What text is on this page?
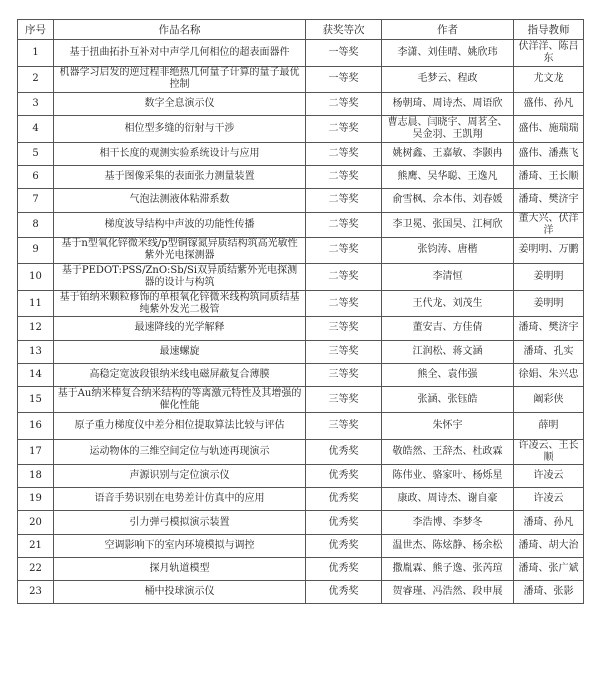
序号	作品名称	获奖等次	作者	指导教师
1	基于扭曲拓扑互补对中声学几何相位的超表面器件	一等奖	李潇、刘佳晴、姚欣玮	伏洋洋、陈吕东
2	机器学习启发的逆过程非绝热几何量子计算的量子最优控制	一等奖	毛梦云、程政	尤文龙
3	数字全息演示仪	二等奖	杨朝琦、周诗杰、周语欣	盛伟、孙凡
4	相位型多缝的衍射与干涉	二等奖	曹志晨、闫晓宇、周茗全、吴金羽、王凯翔	盛伟、施瑞瑞
5	相干长度的观测实验系统设计与应用	二等奖	姚树鑫、王嘉敏、李颢冉	盛伟、潘燕飞
6	基于图像采集的表面张力测量装置	二等奖	熊鹰、吴华聪、王逸凡	潘琦、王长顺
7	气泡法测液体粘滞系数	二等奖	俞雪枫、佘本伟、刘春媛	潘琦、樊济宇
8	梯度波导结构中声波的功能性传播	二等奖	李卫冕、张国昊、江柯欣	董大兴、伏洋洋
9	基于n型氧化锌微米线/p型铜镓氮异质结构筑高光敏性紫外光电探测器	二等奖	张钧涛、唐楷	姜明明、万鹏
10	基于PEDOT:PSS/ZnO:Sb/Si双异质结紫外光电探测器的设计与构筑	二等奖	李清恒	姜明明
11	基于铂纳米颗粒修饰的单根氧化锌微米线构筑同质结基纯紫外发光二极管	二等奖	王代龙、刘茂生	姜明明
12	最速降线的光学解释	三等奖	董安吉、方佳倩	潘琦、樊济宇
13	最速螺旋	三等奖	江润松、蒋文涵	潘琦、孔实
14	高稳定宽波段银纳米线电磁屏蔽复合薄膜	三等奖	熊全、袁伟强	徐娟、朱兴忠
15	基于Au纳米棒复合纳米结构的等离激元特性及其增强的催化性能	三等奖	张涵、张钰皓	阚彩侠
16	原子重力梯度仪中差分相位提取算法比较与评估	三等奖	朱怀宇	薛明
17	运动物体的三维空间定位与轨迹再现演示	优秀奖	敬皓然、王辞杰、杜政霖	许凌云、王长顺
18	声源识别与定位演示仪	优秀奖	陈伟业、骆家叶、杨烁星	许凌云
19	语音手势识别在电势差计仿真中的应用	优秀奖	康政、周诗杰、谢自豪	许凌云
20	引力弹弓模拟演示装置	优秀奖	李浩博、李梦冬	潘琦、孙凡
21	空调影响下的室内环境模拟与调控	优秀奖	温世杰、陈炫静、杨余松	潘琦、胡大治
22	探月轨道模型	优秀奖	撒胤霖、熊子逸、张芮瑄	潘琦、张广斌
23	桶中投球演示仪	优秀奖	贺睿瑾、冯浩然、段申展	潘琦、张影
